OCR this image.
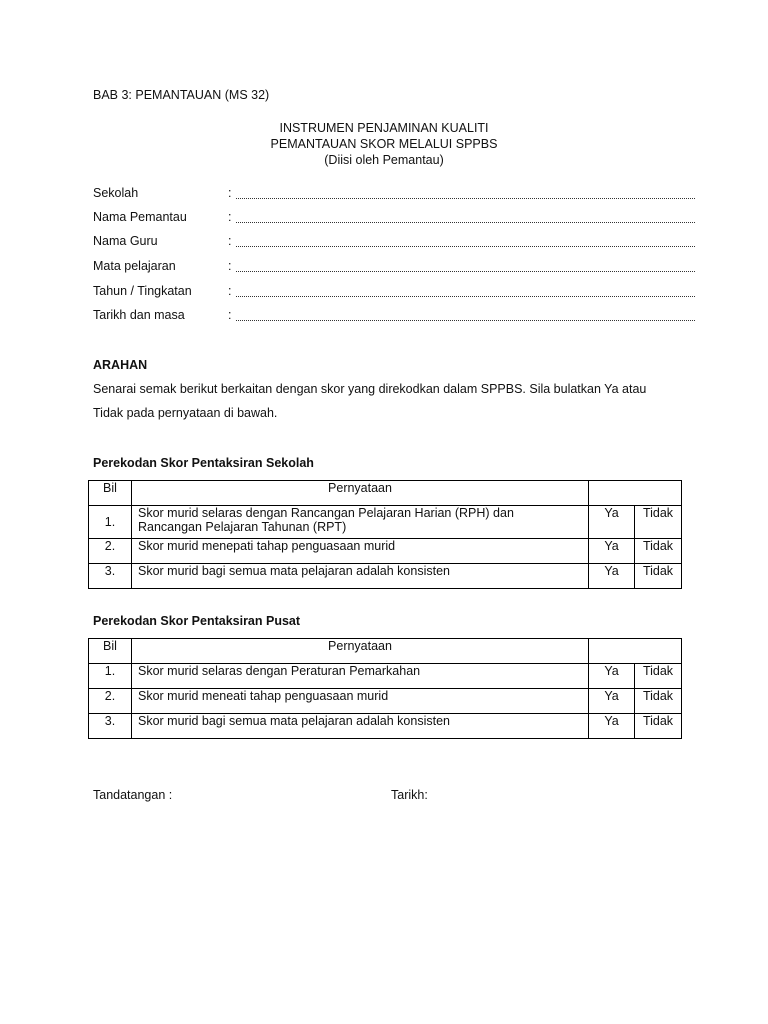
BAB 3: PEMANTAUAN (MS 32)
INSTRUMEN PENJAMINAN KUALITI
PEMANTAUAN SKOR MELALUI SPPBS
(Diisi oleh Pemantau)
Sekolah	:
Nama Pemantau	:
Nama Guru	:
Mata pelajaran	:
Tahun / Tingkatan	:
Tarikh dan masa	:
ARAHAN
Senarai semak berikut berkaitan dengan skor yang direkodkan dalam SPPBS. Sila bulatkan Ya atau
Tidak pada pernyataan di bawah.
Perekodan Skor Pentaksiran Sekolah
Bil	Pernyataan		
1.	Skor murid selaras dengan Rancangan Pelajaran Harian (RPH) dan
Rancangan Pelajaran Tahunan (RPT)	Ya	Tidak
2.	Skor murid menepati tahap penguasaan murid	Ya	Tidak
3.	Skor murid bagi semua mata pelajaran adalah konsisten	Ya	Tidak
Perekodan Skor Pentaksiran Pusat
Bil	Pernyataan		
1.	Skor murid selaras dengan Peraturan Pemarkahan	Ya	Tidak
2.	Skor murid meneati tahap penguasaan murid	Ya	Tidak
3.	Skor murid bagi semua mata pelajaran adalah konsisten	Ya	Tidak
Tandatangan :	Tarikh:
